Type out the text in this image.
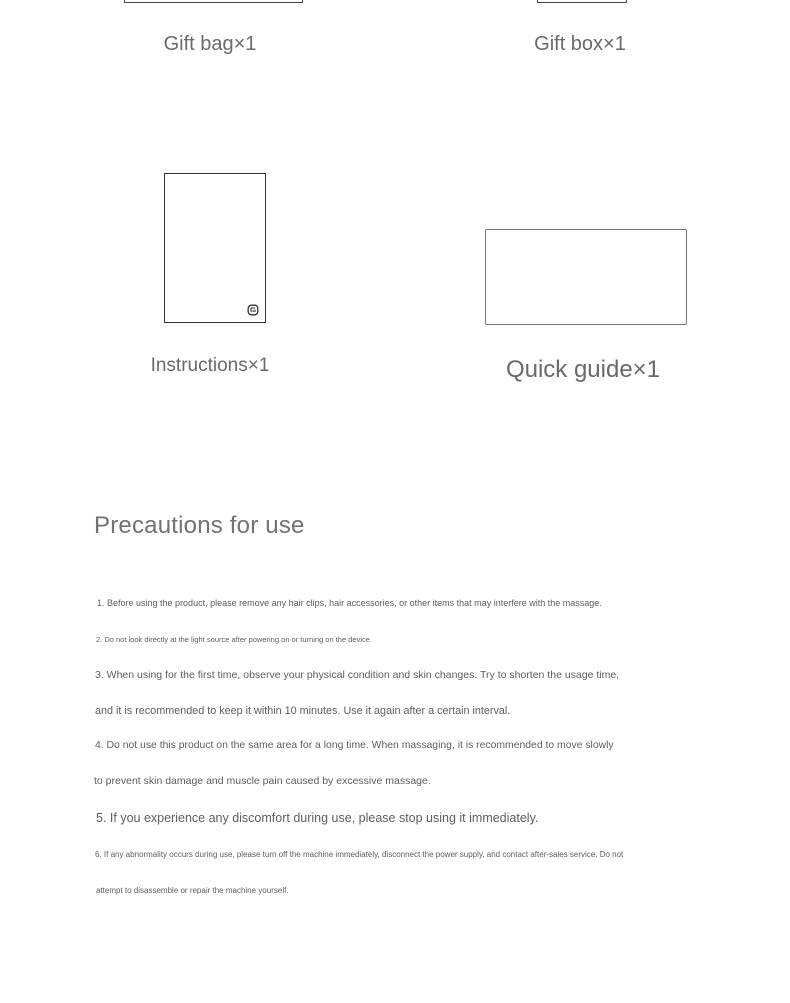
Gift bag×1	Gift box×1
Instructions×1	Quick guide×1
Precautions for use
1. Before using the product, please remove any hair clips, hair accessories, or other items that may interfere with the massage.
2. Do not look directly at the light source after powering on or turning on the device.
3. When using for the first time, observe your physical condition and skin changes. Try to shorten the usage time,
and it is recommended to keep it within 10 minutes. Use it again after a certain interval.
4. Do not use this product on the same area for a long time. When massaging, it is recommended to move slowly
to prevent skin damage and muscle pain caused by excessive massage.
5. If you experience any discomfort during use, please stop using it immediately.
6. If any abnormality occurs during use, please turn off the machine immediately, disconnect the power supply, and contact after-sales service. Do not
attempt to disassemble or repair the machine yourself.
